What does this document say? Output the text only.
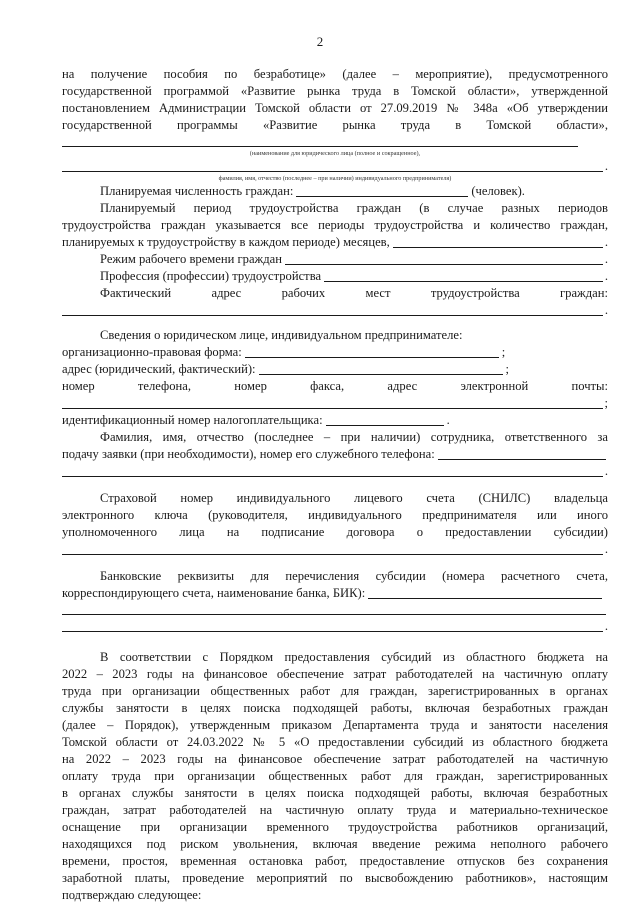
2
на получение пособия по безработице» (далее – мероприятие), предусмотренного
государственной программой «Развитие рынка труда в Томской области», утвержденной
постановлением Администрации Томской области от 27.09.2019 № 348а «Об утверждении
государственной программы «Развитие рынка труда в Томской области»,
(наименование для юридического лица (полное и сокращенное),
.
фамилия, имя, отчество (последнее – при наличии) индивидуального предпринимателя)
Планируемая численность граждан:	(человек).
Планируемый период трудоустройства граждан (в случае разных периодов
трудоустройства граждан указывается все периоды трудоустройства и количество граждан,
планируемых к трудоустройству в каждом периоде) месяцев,	.
Режим рабочего времени граждан	.
Профессия (профессии) трудоустройства	.
Фактический адрес рабочих мест трудоустройства граждан:
.
Сведения о юридическом лице, индивидуальном предпринимателе:
организационно-правовая форма:	;
адрес (юридический, фактический):	;
номер телефона, номер факса, адрес электронной почты:
;
идентификационный номер налогоплательщика:	.
Фамилия, имя, отчество (последнее – при наличии) сотрудника, ответственного за
подачу заявки (при необходимости), номер его служебного телефона:
.
Страховой номер индивидуального лицевого счета (СНИЛС) владельца
электронного ключа (руководителя, индивидуального предпринимателя или иного
уполномоченного лица на подписание договора о предоставлении субсидии)
.
Банковские реквизиты для перечисления субсидии (номера расчетного счета,
корреспондирующего счета, наименование банка, БИК):
.
В соответствии с Порядком предоставления субсидий из областного бюджета на
2022 – 2023 годы на финансовое обеспечение затрат работодателей на частичную оплату
труда при организации общественных работ для граждан, зарегистрированных в органах
службы занятости в целях поиска подходящей работы, включая безработных граждан
(далее – Порядок), утвержденным приказом Департамента труда и занятости населения
Томской области от 24.03.2022 № 5 «О предоставлении субсидий из областного бюджета
на 2022 – 2023 годы на финансовое обеспечение затрат работодателей на частичную
оплату труда при организации общественных работ для граждан, зарегистрированных
в органах службы занятости в целях поиска подходящей работы, включая безработных
граждан, затрат работодателей на частичную оплату труда и материально-техническое
оснащение при организации временного трудоустройства работников организаций,
находящихся под риском увольнения, включая введение режима неполного рабочего
времени, простоя, временная остановка работ, предоставление отпусков без сохранения
заработной платы, проведение мероприятий по высвобождению работников», настоящим
подтверждаю следующее:
